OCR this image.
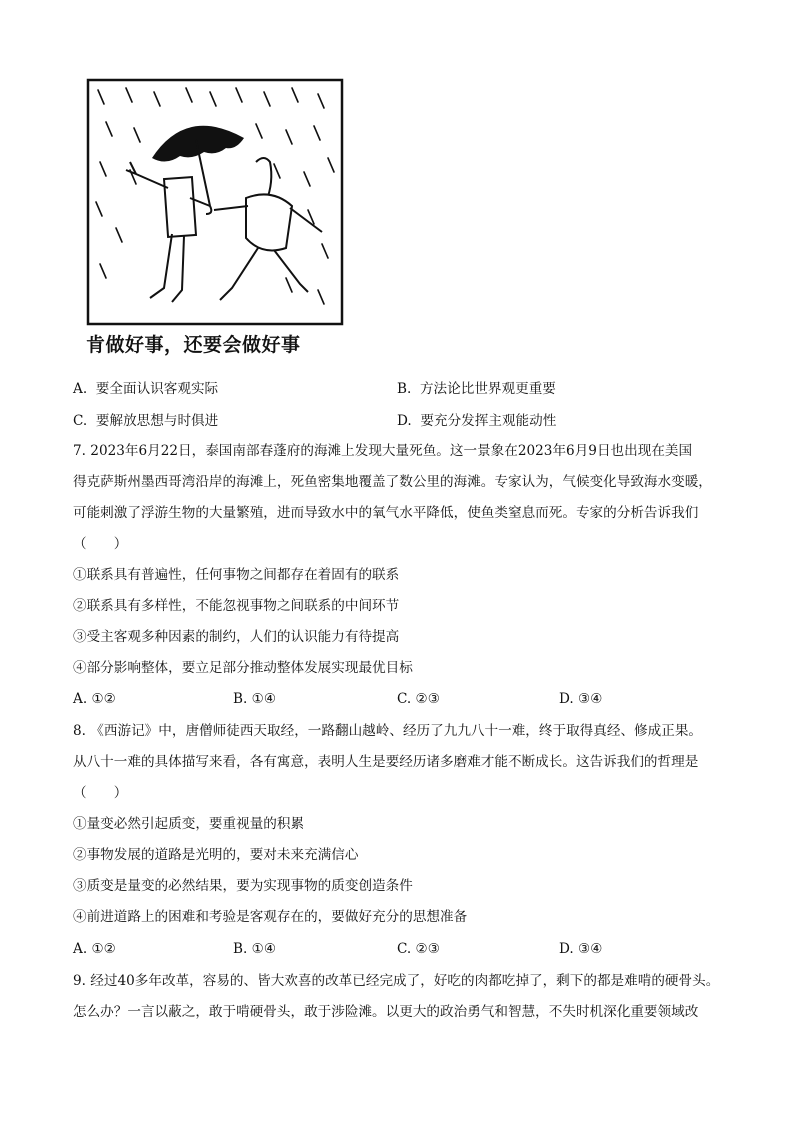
肯做好事，还要会做好事
A. 要全面认识客观实际	B. 方法论比世界观更重要
C. 要解放思想与时俱进	D. 要充分发挥主观能动性
7. 2023年6月22日，泰国南部春蓬府的海滩上发现大量死鱼。这一景象在2023年6月9日也出现在美国
得克萨斯州墨西哥湾沿岸的海滩上，死鱼密集地覆盖了数公里的海滩。专家认为，气候变化导致海水变暖，
可能刺激了浮游生物的大量繁殖，进而导致水中的氧气水平降低，使鱼类窒息而死。专家的分析告诉我们
（　　）
①联系具有普遍性，任何事物之间都存在着固有的联系
②联系具有多样性，不能忽视事物之间联系的中间环节
③受主客观多种因素的制约，人们的认识能力有待提高
④部分影响整体，要立足部分推动整体发展实现最优目标
A. ①②	B. ①④	C. ②③	D. ③④
8. 《西游记》中，唐僧师徒西天取经，一路翻山越岭、经历了九九八十一难，终于取得真经、修成正果。
从八十一难的具体描写来看，各有寓意，表明人生是要经历诸多磨难才能不断成长。这告诉我们的哲理是
（　　）
①量变必然引起质变，要重视量的积累
②事物发展的道路是光明的，要对未来充满信心
③质变是量变的必然结果，要为实现事物的质变创造条件
④前进道路上的困难和考验是客观存在的，要做好充分的思想准备
A. ①②	B. ①④	C. ②③	D. ③④
9. 经过40多年改革，容易的、皆大欢喜的改革已经完成了，好吃的肉都吃掉了，剩下的都是难啃的硬骨头。
怎么办？一言以蔽之，敢于啃硬骨头，敢于涉险滩。以更大的政治勇气和智慧，不失时机深化重要领域改
